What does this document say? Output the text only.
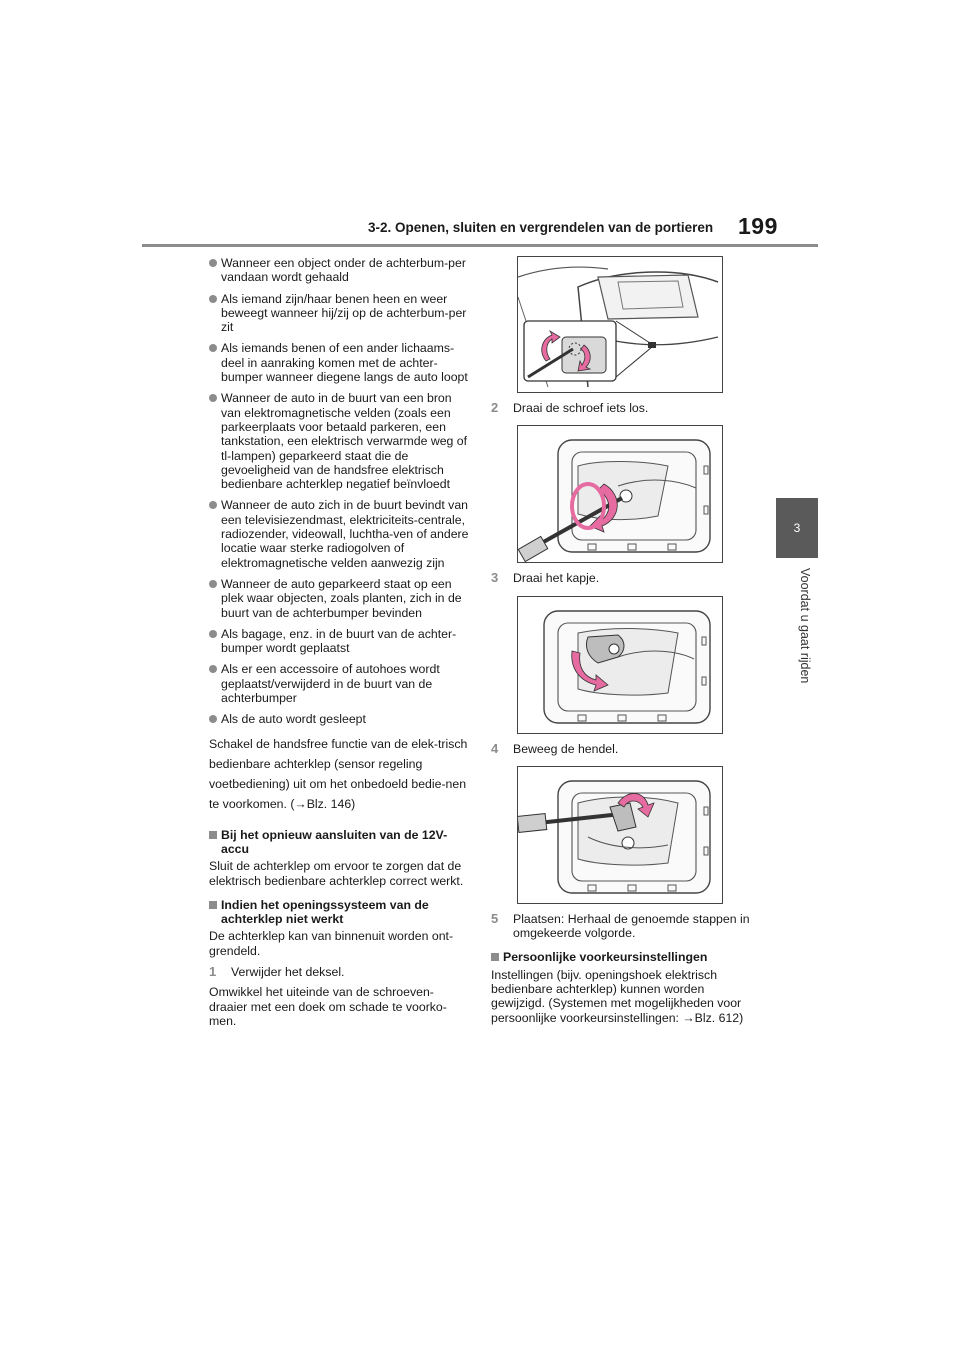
3-2. Openen, sluiten en vergrendelen van de portieren 199
3
Voordat u gaat rijden
Wanneer een object onder de achterbum-per vandaan wordt gehaald
Als iemand zijn/haar benen heen en weer beweegt wanneer hij/zij op de achterbum-per zit
Als iemands benen of een ander lichaams-deel in aanraking komen met de achter-bumper wanneer diegene langs de auto loopt
Wanneer de auto in de buurt van een bron van elektromagnetische velden (zoals een parkeerplaats voor betaald parkeren, een tankstation, een elektrisch verwarmde weg of tl-lampen) geparkeerd staat die de gevoeligheid van de handsfree elektrisch bedienbare achterklep negatief beïnvloedt
Wanneer de auto zich in de buurt bevindt van een televisiezendmast, elektriciteits-centrale, radiozender, videowall, luchtha-ven of andere locatie waar sterke radiogolven of elektromagnetische velden aanwezig zijn
Wanneer de auto geparkeerd staat op een plek waar objecten, zoals planten, zich in de buurt van de achterbumper bevinden
Als bagage, enz. in de buurt van de achter-bumper wordt geplaatst
Als er een accessoire of autohoes wordt geplaatst/verwijderd in de buurt van de achterbumper
Als de auto wordt gesleept

Schakel de handsfree functie van de elek-trisch bedienbare achterklep (sensor regeling voetbediening) uit om het onbedoeld bedie-nen te voorkomen. (→Blz. 146)

Bij het opnieuw aansluiten van de 12V-accu

Sluit de achterklep om ervoor te zorgen dat de elektrisch bedienbare achterklep correct werkt.

Indien het openingssysteem van de achterklep niet werkt

De achterklep kan van binnenuit worden ont-grendeld.

1 Verwijder het deksel.

Omwikkel het uiteinde van de schroeven-draaier met een doek om schade te voorko-men.

2 Draai de schroef iets los.
3 Draai het kapje.
4 Beweeg de hendel.
5 Plaatsen: Herhaal de genoemde stappen in omgekeerde volgorde.
Persoonlijke voorkeursinstellingen

Instellingen (bijv. openingshoek elektrisch bedienbare achterklep) kunnen worden gewijzigd. (Systemen met mogelijkheden voor persoonlijke voorkeursinstellingen: →Blz. 612)
